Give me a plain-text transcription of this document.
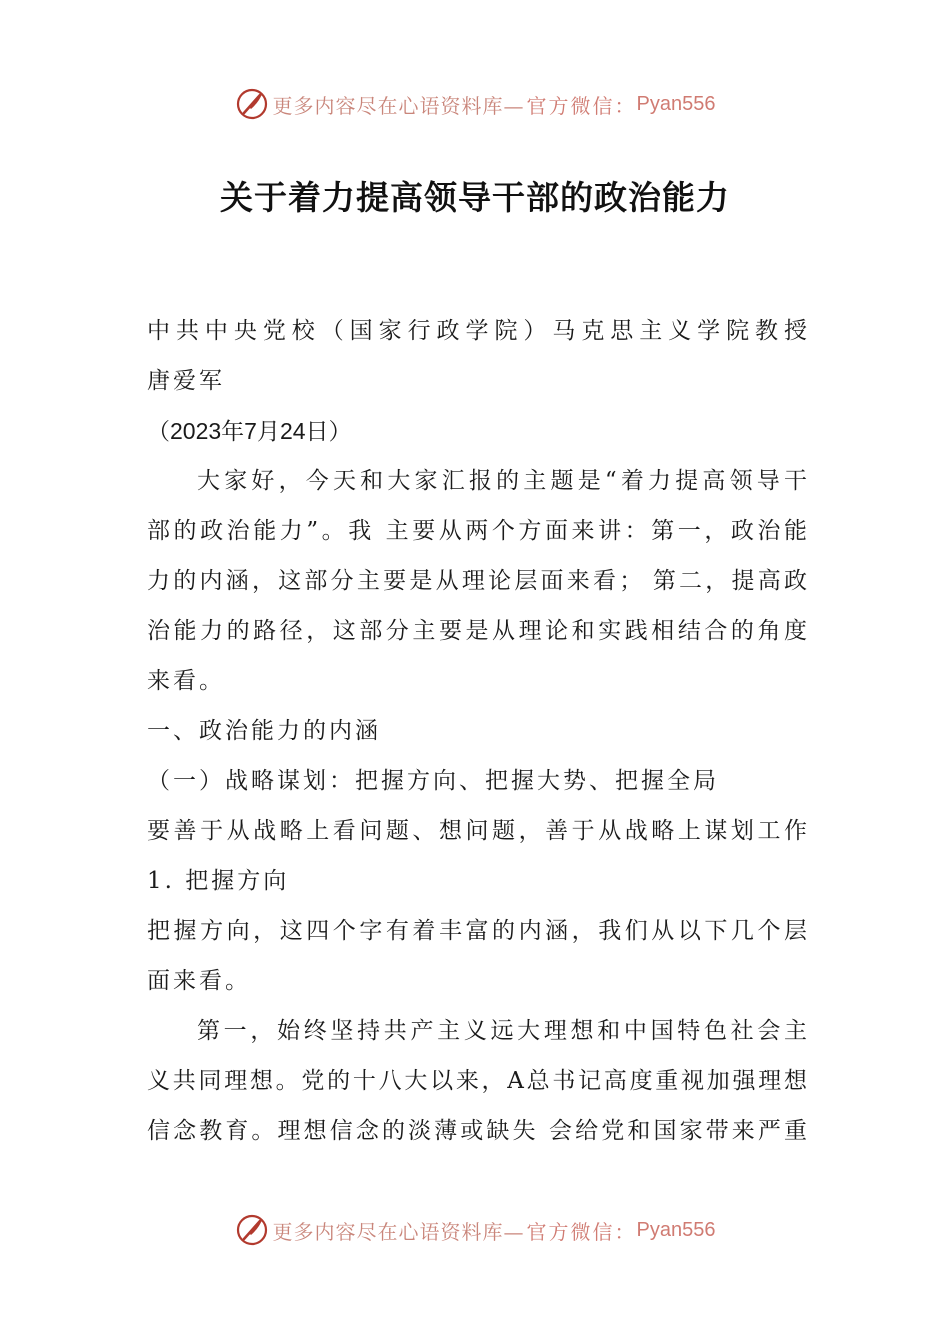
更多内容尽在心语资料库— 官方微信： Pyan556
关于着力提高领导干部的政治能力
中共中央党校（国家行政学院）马克思主义学院教授
唐爱军
（2023年7月24日）
大家好，今天和大家汇报的主题是“着力提高领导干
部的政治能力”。我 主要从两个方面来讲：第一，政治能
力的内涵，这部分主要是从理论层面来看； 第二，提高政
治能力的路径，这部分主要是从理论和实践相结合的角度
来看。
一、政治能力的内涵
（一）战略谋划：把握方向、把握大势、把握全局
要善于从战略上看问题、想问题，善于从战略上谋划工作
1. 把握方向
把握方向，这四个字有着丰富的内涵，我们从以下几个层
面来看。
第一，始终坚持共产主义远大理想和中国特色社会主
义共同理想。党的十八大以来，A总书记高度重视加强理想
信念教育。理想信念的淡薄或缺失 会给党和国家带来严重
更多内容尽在心语资料库— 官方微信： Pyan556
